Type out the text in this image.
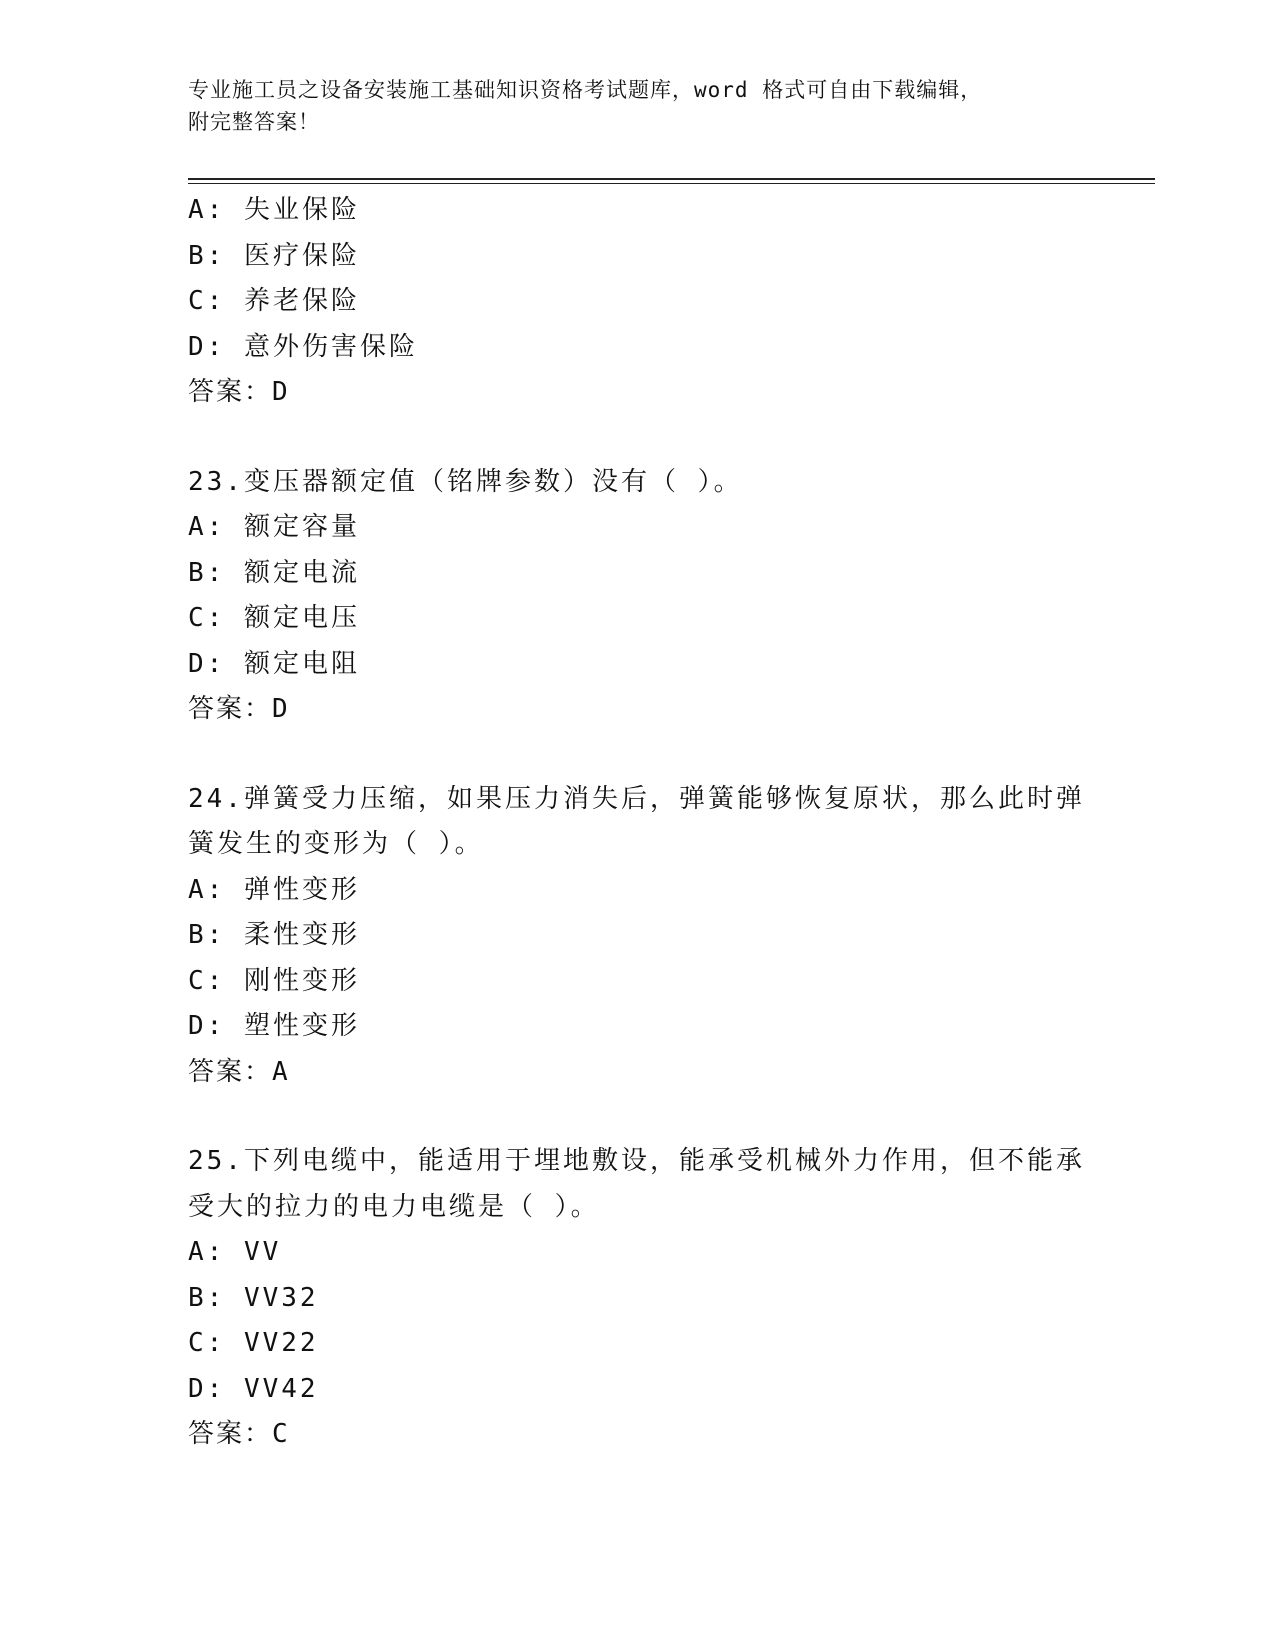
专业施工员之设备安装施工基础知识资格考试题库，word 格式可自由下载编辑，
附完整答案！
A: 失业保险
B: 医疗保险
C: 养老保险
D: 意外伤害保险
答案：D
23.变压器额定值（铭牌参数）没有（ ）。
A: 额定容量
B: 额定电流
C: 额定电压
D: 额定电阻
答案：D
24.弹簧受力压缩，如果压力消失后，弹簧能够恢复原状，那么此时弹
簧发生的变形为（ ）。
A: 弹性变形
B: 柔性变形
C: 刚性变形
D: 塑性变形
答案：A
25.下列电缆中，能适用于埋地敷设，能承受机械外力作用，但不能承
受大的拉力的电力电缆是（ ）。
A: VV
B: VV32
C: VV22
D: VV42
答案：C
